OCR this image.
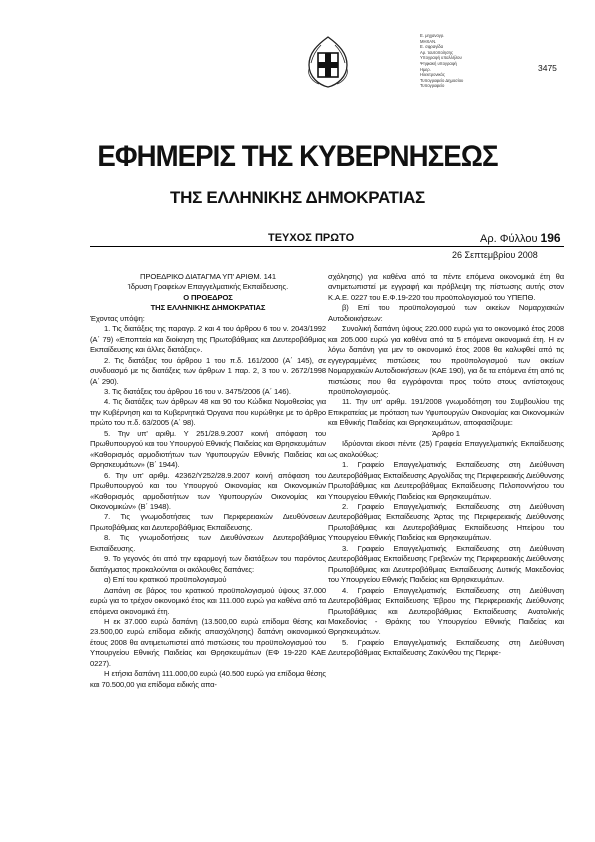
Ε. μηχανογρ.
ΜΗΧΑΝ.
Ε. σφραγίδα
Αρ. ταυτοποίησης
Υπογραφή υπαλλήλου
Ψηφιακή υπογραφή
Ημερ.
Ηλεκτρονικός
Τυπογραφείο Δημοσίου
Τυπογραφείο
3475
ΕΦΗΜΕΡΙΣ ΤΗΣ ΚΥΒΕΡΝΗΣΕΩΣ
ΤΗΣ ΕΛΛΗΝΙΚΗΣ ΔΗΜΟΚΡΑΤΙΑΣ
ΤΕΥΧΟΣ ΠΡΩΤΟ	Αρ. Φύλλου 196
26 Σεπτεμβρίου 2008

ΠΡΟΕΔΡΙΚΟ ΔΙΑΤΑΓΜΑ ΥΠ' ΑΡΙΘΜ. 141

Ίδρυση Γραφείων Επαγγελματικής Εκπαίδευσης.

Ο ΠΡΟΕΔΡΟΣ

ΤΗΣ ΕΛΛΗΝΙΚΗΣ ΔΗΜΟΚΡΑΤΙΑΣ

Έχοντας υπόψη:

1. Τις διατάξεις της παραγρ. 2 και 4 του άρθρου 6 του ν. 2043/1992 (Α΄ 79) «Εποπτεία και διοίκηση της Πρωτοβάθμιας και Δευτεροβάθμιας Εκπαίδευσης και άλλες διατάξεις».

2. Τις διατάξεις του άρθρου 1 του π.δ. 161/2000 (Α΄ 145), σε συνδυασμό με τις διατάξεις των άρθρων 1 παρ. 2, 3 του ν. 2672/1998 (Α΄ 290).

3. Τις διατάξεις του άρθρου 16 του ν. 3475/2006 (Α΄ 146).

4. Τις διατάξεις των άρθρων 48 και 90 του Κώδικα Νομοθεσίας για την Κυβέρνηση και τα Κυβερνητικά Όργανα που κυρώθηκε με το άρθρο πρώτο του π.δ. 63/2005 (Α΄ 98).

5. Την υπ' αριθμ. Υ 251/28.9.2007 κοινή απόφαση του Πρωθυπουργού και του Υπουργού Εθνικής Παιδείας και Θρησκευμάτων «Καθορισμός αρμοδιοτήτων των Υφυπουργών Εθνικής Παιδείας και Θρησκευμάτων» (Β΄ 1944).

6. Την υπ' αριθμ. 42362/Υ252/28.9.2007 κοινή απόφαση του Πρωθυπουργού και του Υπουργού Οικονομίας και Οικονομικών «Καθορισμός αρμοδιοτήτων των Υφυπουργών Οικονομίας και Οικονομικών» (Β΄ 1948).

7. Τις γνωμοδοτήσεις των Περιφερειακών Διευθύνσεων Πρωτοβάθμιας και Δευτεροβάθμιας Εκπαίδευσης.

8. Τις γνωμοδοτήσεις των Διευθύνσεων Δευτεροβάθμιας Εκπαίδευσης.

9. Το γεγονός ότι από την εφαρμογή των διατάξεων του παρόντος διατάγματος προκαλούνται οι ακόλουθες δαπάνες:

α) Επί του κρατικού προϋπολογισμού

Δαπάνη σε βάρος του κρατικού προϋπολογισμού ύψους 37.000 ευρώ για το τρέχον οικονομικό έτος και 111.000 ευρώ για καθένα από τα επόμενα οικονομικά έτη.

Η εκ 37.000 ευρώ δαπάνη (13.500,00 ευρώ επίδομα θέσης και 23.500,00 ευρώ επίδομα ειδικής απασχόλησης) δαπάνη οικονομικού έτους 2008 θα αντιμετωπιστεί από πιστώσεις του προϋπολογισμού του Υπουργείου Εθνικής Παιδείας και Θρησκευμάτων (ΕΦ 19-220 ΚΑΕ 0227).

Η ετήσια δαπάνη 111.000,00 ευρώ (40.500 ευρώ για επίδομα θέσης και 70.500,00 για επίδομα ειδικής απα-

σχόλησης) για καθένα από τα πέντε επόμενα οικονομικά έτη θα αντιμετωπιστεί με εγγραφή και πρόβλεψη της πίστωσης αυτής στον Κ.Α.Ε. 0227 του Ε.Φ.19-220 του προϋπολογισμού του ΥΠΕΠΘ.

β) Επί του προϋπολογισμού των οικείων Νομαρχιακών Αυτοδιοικήσεων:

Συνολική δαπάνη ύψους 220.000 ευρώ για το οικονομικό έτος 2008 και 205.000 ευρώ για καθένα από τα 5 επόμενα οικονομικά έτη. Η εν λόγω δαπάνη για μεν το οικονομικό έτος 2008 θα καλυφθεί από τις εγγεγραμμένες πιστώσεις του προϋπολογισμού των οικείων Νομαρχιακών Αυτοδιοικήσεων (ΚΑΕ 190), για δε τα επόμενα έτη από τις πιστώσεις που θα εγγράφονται προς τούτο στους αντίστοιχους προϋπολογισμούς.

11. Την υπ' αριθμ. 191/2008 γνωμοδότηση του Συμβουλίου της Επικρατείας με πρόταση των Υφυπουργών Οικονομίας και Οικονομικών και Εθνικής Παιδείας και Θρησκευμάτων, αποφασίζουμε:

Άρθρο 1

Ιδρύονται είκοσι πέντε (25) Γραφεία Επαγγελματικής Εκπαίδευσης ως ακολούθως:

1. Γραφείο Επαγγελματικής Εκπαίδευσης στη Διεύθυνση Δευτεροβάθμιας Εκπαίδευσης Αργολίδας της Περιφερειακής Διεύθυνσης Πρωτοβάθμιας και Δευτεροβάθμιας Εκπαίδευσης Πελοποννήσου του Υπουργείου Εθνικής Παιδείας και Θρησκευμάτων.

2. Γραφείο Επαγγελματικής Εκπαίδευσης στη Διεύθυνση Δευτεροβάθμιας Εκπαίδευσης Άρτας της Περιφερειακής Διεύθυνσης Πρωτοβάθμιας και Δευτεροβάθμιας Εκπαίδευσης Ηπείρου του Υπουργείου Εθνικής Παιδείας και Θρησκευμάτων.

3. Γραφείο Επαγγελματικής Εκπαίδευσης στη Διεύθυνση Δευτεροβάθμιας Εκπαίδευσης Γρεβενών της Περιφερειακής Διεύθυνσης Πρωτοβάθμιας και Δευτεροβάθμιας Εκπαίδευσης Δυτικής Μακεδονίας του Υπουργείου Εθνικής Παιδείας και Θρησκευμάτων.

4. Γραφείο Επαγγελματικής Εκπαίδευσης στη Διεύθυνση Δευτεροβάθμιας Εκπαίδευσης Έβρου της Περιφερειακής Διεύθυνσης Πρωτοβάθμιας και Δευτεροβάθμιας Εκπαίδευσης Ανατολικής Μακεδονίας - Θράκης του Υπουργείου Εθνικής Παιδείας και Θρησκευμάτων.

5. Γραφείο Επαγγελματικής Εκπαίδευσης στη Διεύθυνση Δευτεροβάθμιας Εκπαίδευσης Ζακύνθου της Περιφε-
